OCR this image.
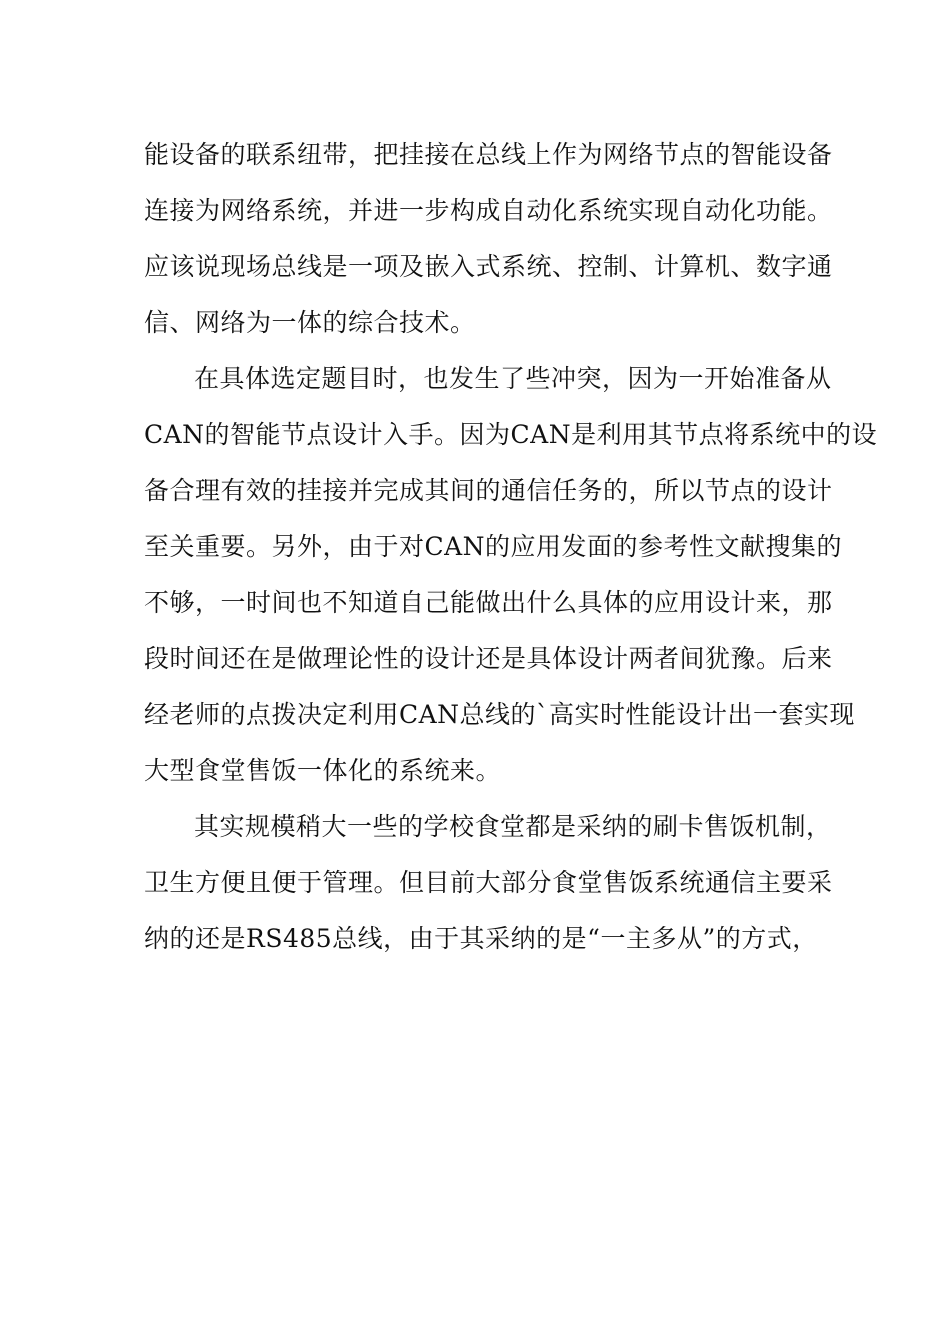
能设备的联系纽带，把挂接在总线上作为网络节点的智能设备
连接为网络系统，并进一步构成自动化系统实现自动化功能。
应该说现场总线是一项及嵌入式系统、控制、计算机、数字通
信、网络为一体的综合技术。
在具体选定题目时，也发生了些冲突，因为一开始准备从
CAN的智能节点设计入手。因为CAN是利用其节点将系统中的设
备合理有效的挂接并完成其间的通信任务的，所以节点的设计
至关重要。另外，由于对CAN的应用发面的参考性文献搜集的
不够，一时间也不知道自己能做出什么具体的应用设计来，那
段时间还在是做理论性的设计还是具体设计两者间犹豫。后来
经老师的点拨决定利用CAN总线的`高实时性能设计出一套实现
大型食堂售饭一体化的系统来。
其实规模稍大一些的学校食堂都是采纳的刷卡售饭机制，
卫生方便且便于管理。但目前大部分食堂售饭系统通信主要采
纳的还是RS485总线，由于其采纳的是“一主多从”的方式，
